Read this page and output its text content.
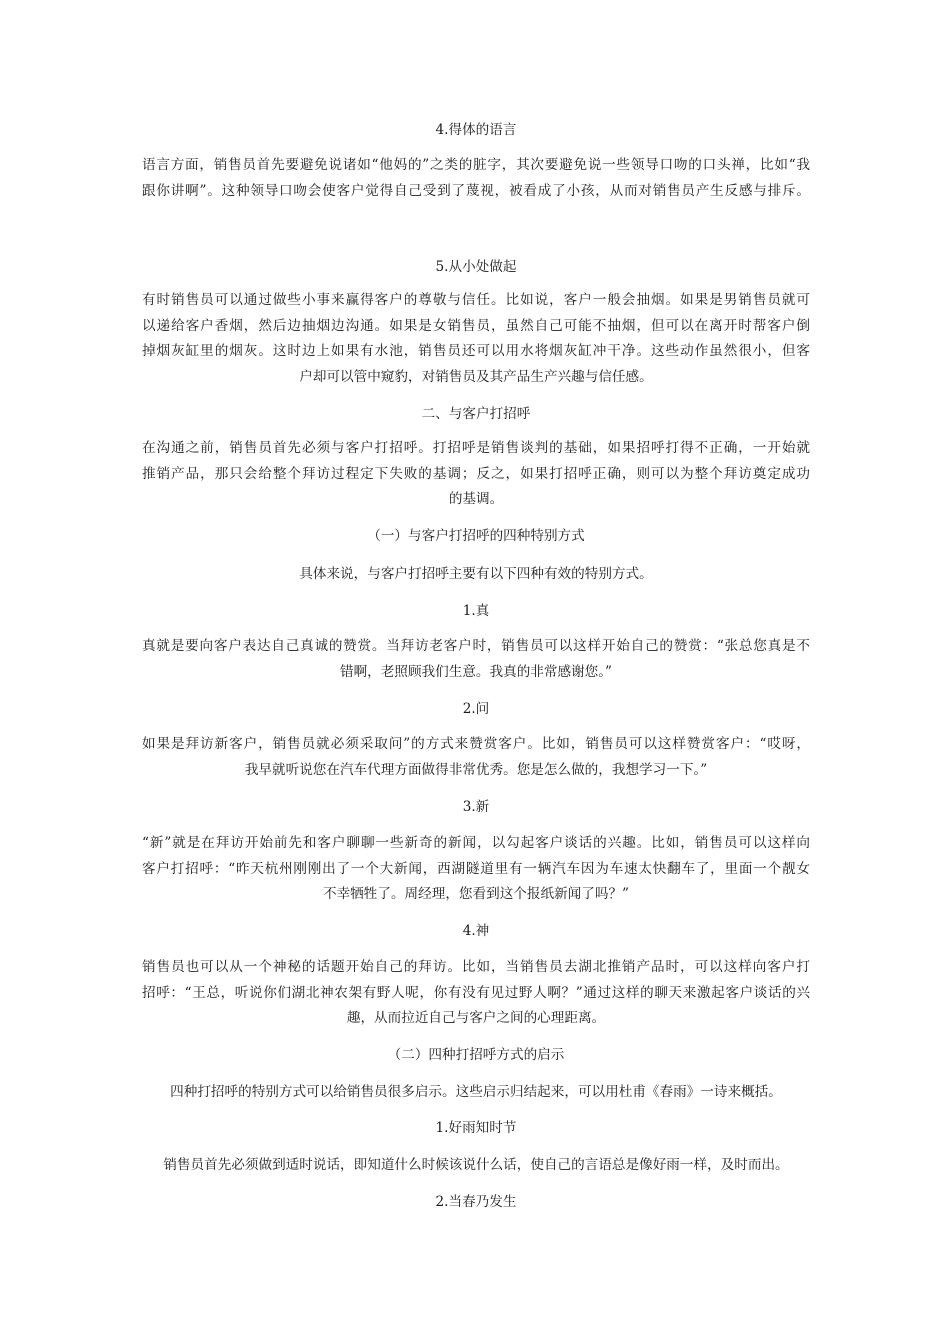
4.得体的语言
语言方面，销售员首先要避免说诸如“他妈的”之类的脏字，其次要避免说一些领导口吻的口头禅，比如“我
跟你讲啊”。这种领导口吻会使客户觉得自己受到了蔑视，被看成了小孩，从而对销售员产生反感与排斥。
5.从小处做起
有时销售员可以通过做些小事来赢得客户的尊敬与信任。比如说，客户一般会抽烟。如果是男销售员就可
以递给客户香烟，然后边抽烟边沟通。如果是女销售员，虽然自己可能不抽烟，但可以在离开时帮客户倒
掉烟灰缸里的烟灰。这时边上如果有水池，销售员还可以用水将烟灰缸冲干净。这些动作虽然很小，但客
户却可以管中窥豹，对销售员及其产品生产兴趣与信任感。
二、与客户打招呼
在沟通之前，销售员首先必须与客户打招呼。打招呼是销售谈判的基础，如果招呼打得不正确，一开始就
推销产品，那只会给整个拜访过程定下失败的基调；反之，如果打招呼正确，则可以为整个拜访奠定成功
的基调。
（一）与客户打招呼的四种特别方式
具体来说，与客户打招呼主要有以下四种有效的特别方式。
1.真
真就是要向客户表达自己真诚的赞赏。当拜访老客户时，销售员可以这样开始自己的赞赏：“张总您真是不
错啊，老照顾我们生意。我真的非常感谢您。”
2.问
如果是拜访新客户，销售员就必须采取问”的方式来赞赏客户。比如，销售员可以这样赞赏客户：“哎呀，
我早就听说您在汽车代理方面做得非常优秀。您是怎么做的，我想学习一下。”
3.新
“新”就是在拜访开始前先和客户聊聊一些新奇的新闻，以勾起客户谈话的兴趣。比如，销售员可以这样向
客户打招呼：“昨天杭州刚刚出了一个大新闻，西湖隧道里有一辆汽车因为车速太快翻车了，里面一个靓女
不幸牺牲了。周经理，您看到这个报纸新闻了吗？”
4.神
销售员也可以从一个神秘的话题开始自己的拜访。比如，当销售员去湖北推销产品时，可以这样向客户打
招呼：“王总，听说你们湖北神农架有野人呢，你有没有见过野人啊？”通过这样的聊天来激起客户谈话的兴
趣，从而拉近自己与客户之间的心理距离。
（二）四种打招呼方式的启示
四种打招呼的特别方式可以给销售员很多启示。这些启示归结起来，可以用杜甫《春雨》一诗来概括。
1.好雨知时节
销售员首先必须做到适时说话，即知道什么时候该说什么话，使自己的言语总是像好雨一样，及时而出。
2.当春乃发生
